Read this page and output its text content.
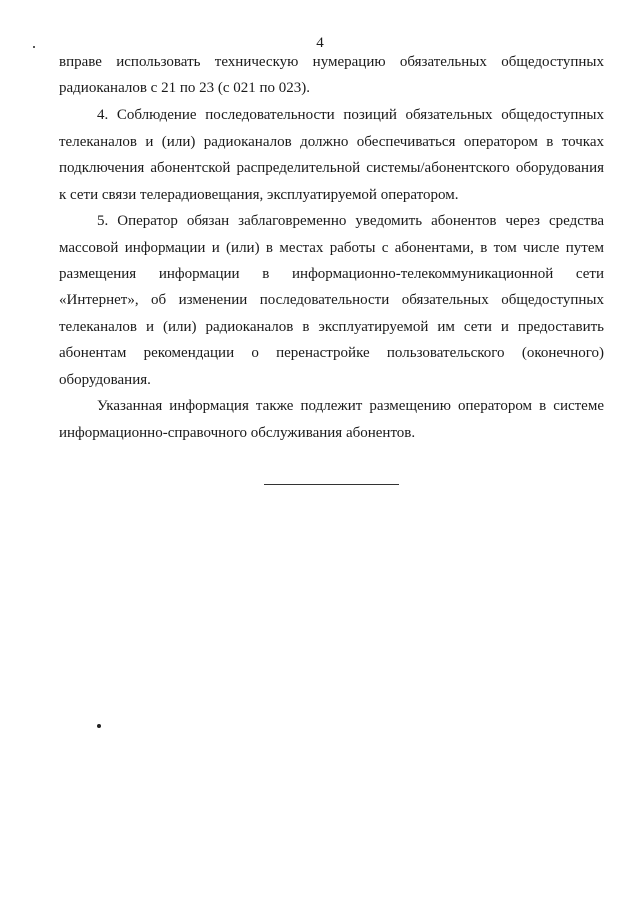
4
вправе использовать техническую нумерацию обязательных общедоступных
радиоканалов с 21 по 23 (с 021 по 023).
4. Соблюдение последовательности позиций обязательных общедоступных
телеканалов и (или) радиоканалов должно обеспечиваться оператором в точках
подключения абонентской распределительной системы/абонентского оборудования
к сети связи телерадиовещания, эксплуатируемой оператором.
5. Оператор обязан заблаговременно уведомить абонентов через средства
массовой информации и (или) в местах работы с абонентами, в том числе путем
размещения информации в информационно-телекоммуникационной сети
«Интернет», об изменении последовательности обязательных общедоступных
телеканалов и (или) радиоканалов в эксплуатируемой им сети и предоставить
абонентам рекомендации о перенастройке пользовательского (оконечного)
оборудования.
Указанная информация также подлежит размещению оператором в системе
информационно-справочного обслуживания абонентов.
